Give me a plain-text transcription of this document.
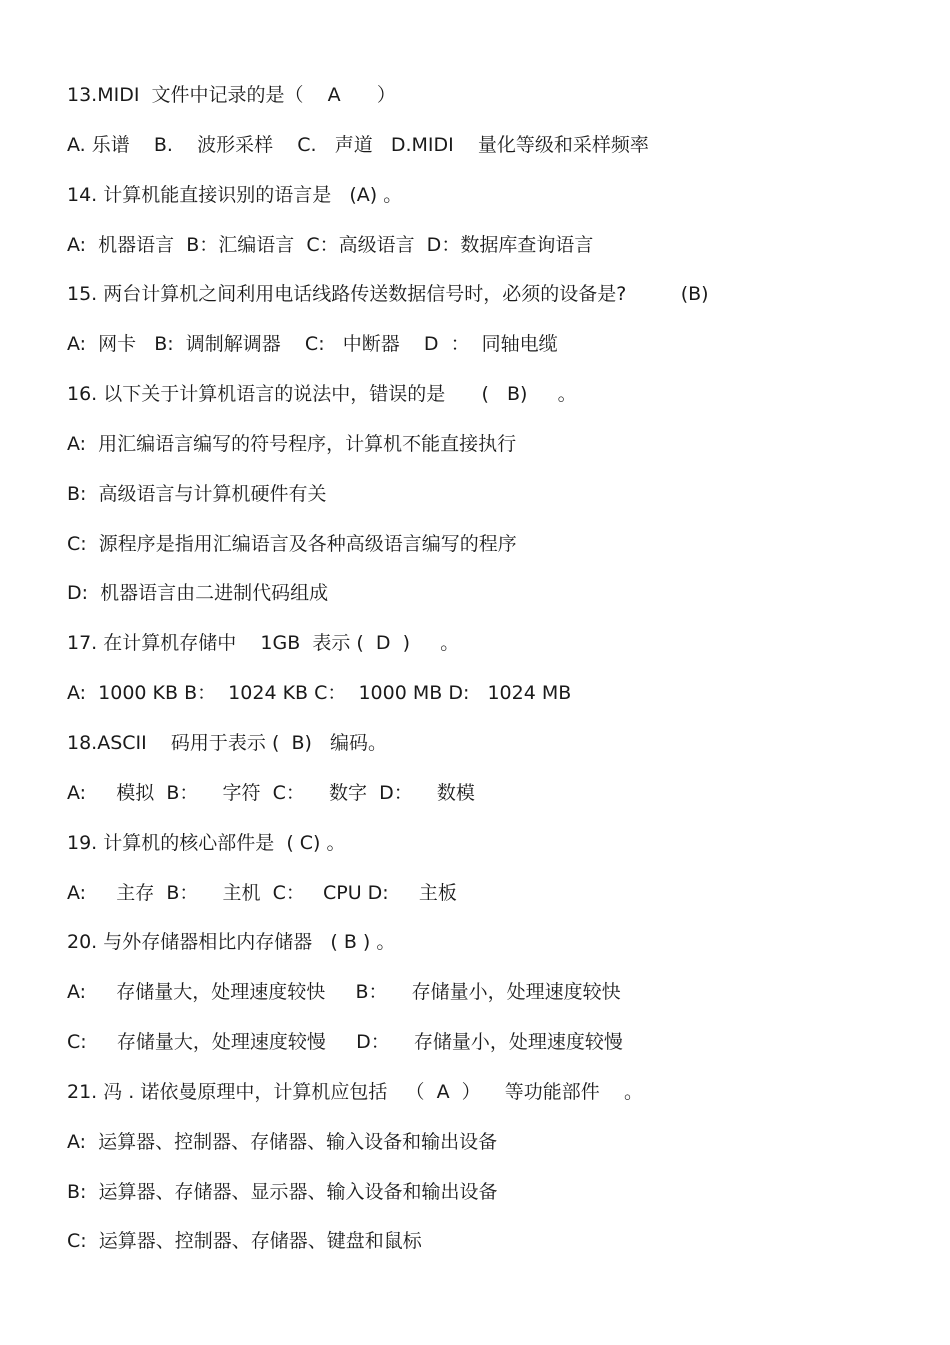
13.MIDI  文件中记录的是（    A      ）
A. 乐谱    B.    波形采样    C.   声道   D.MIDI    量化等级和采样频率
14. 计算机能直接识别的语言是   (A) 。
A:  机器语言  B：汇编语言  C：高级语言  D：数据库查询语言
15. 两台计算机之间利用电话线路传送数据信号时，必须的设备是?         (B)
A:  网卡   B:  调制解调器    C:   中断器    D  ：  同轴电缆
16. 以下关于计算机语言的说法中，错误的是      (   B)     。
A:  用汇编语言编写的符号程序，计算机不能直接执行
B:  高级语言与计算机硬件有关
C:  源程序是指用汇编语言及各种高级语言编写的程序
D:  机器语言由二进制代码组成
17. 在计算机存储中    1GB  表示 (  D  )     。
A:  1000 KB B：  1024 KB C：  1000 MB D:   1024 MB
18.ASCII    码用于表示 (  B)   编码。
A:     模拟  B：    字符  C：    数字  D：    数模
19. 计算机的核心部件是  ( C) 。
A:     主存  B：    主机  C：   CPU D:     主板
20. 与外存储器相比内存储器   ( B ) 。
A:     存储量大，处理速度较快     B：    存储量小，处理速度较快
C:     存储量大，处理速度较慢     D：    存储量小，处理速度较慢
21. 冯 . 诺依曼原理中，计算机应包括   （  A  ）    等功能部件    。
A:  运算器、控制器、存储器、输入设备和输出设备
B:  运算器、存储器、显示器、输入设备和输出设备
C:  运算器、控制器、存储器、键盘和鼠标
